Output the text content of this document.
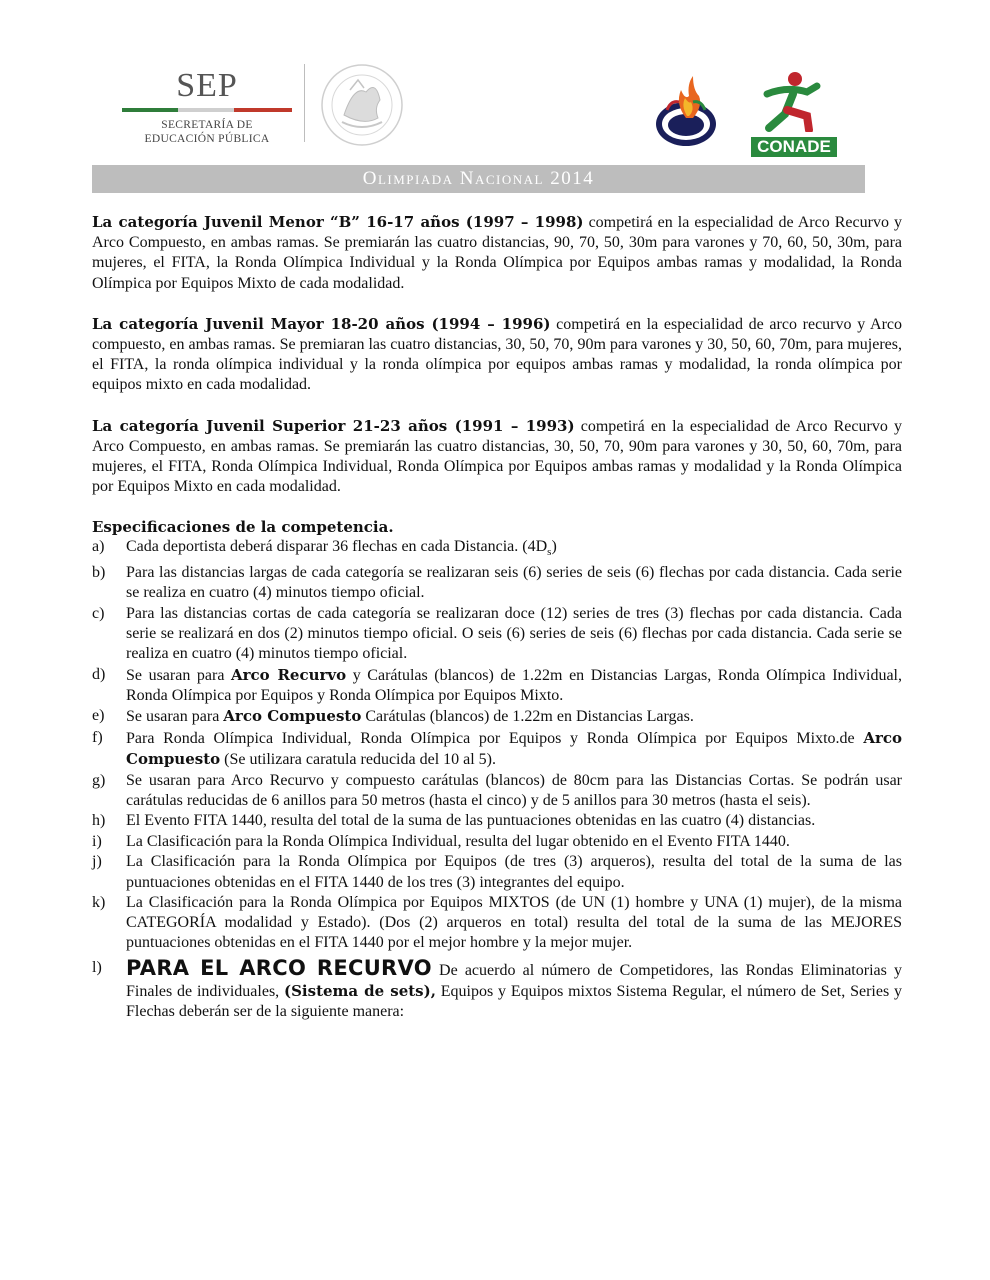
SEP
SECRETARÍA DE
EDUCACIÓN PÚBLICA	CONADE
Olimpiada Nacional 2014

La categoría Juvenil Menor “B” 16-17 años (1997 – 1998) competirá en la especialidad de Arco Recurvo y Arco Compuesto, en ambas ramas. Se premiarán las cuatro distancias, 90, 70, 50, 30m para varones y 70, 60, 50, 30m, para mujeres, el FITA, la Ronda Olímpica Individual y la Ronda Olímpica por Equipos ambas ramas y modalidad, la Ronda Olímpica por Equipos Mixto de cada modalidad.

La categoría Juvenil Mayor 18-20 años (1994 – 1996) competirá en la especialidad de arco recurvo y Arco compuesto, en ambas ramas. Se premiaran las cuatro distancias, 30, 50, 70, 90m para varones y 30, 50, 60, 70m, para mujeres, el FITA, la ronda olímpica individual y la ronda olímpica por equipos ambas ramas y modalidad, la ronda olímpica por equipos mixto en cada modalidad.

La categoría Juvenil Superior 21-23 años (1991 – 1993) competirá en la especialidad de Arco Recurvo y Arco Compuesto, en ambas ramas. Se premiarán las cuatro distancias, 30, 50, 70, 90m para varones y 30, 50, 60, 70m, para mujeres, el FITA, Ronda Olímpica Individual, Ronda Olímpica por Equipos ambas ramas y modalidad y la Ronda Olímpica por Equipos Mixto en cada modalidad.

Especificaciones de la competencia.

a) Cada deportista deberá disparar 36 flechas en cada Distancia. $(4D_s)$
b) Para las distancias largas de cada categoría se realizaran seis (6) series de seis (6) flechas por cada distancia. Cada serie se realiza en cuatro (4) minutos tiempo oficial.
c) Para las distancias cortas de cada categoría se realizaran doce (12) series de tres (3) flechas por cada distancia. Cada serie se realizará en dos (2) minutos tiempo oficial. O seis (6) series de seis (6) flechas por cada distancia. Cada serie se realiza en cuatro (4) minutos tiempo oficial.
d) Se usaran para Arco Recurvo y Carátulas (blancos) de 1.22m en Distancias Largas, Ronda Olímpica Individual, Ronda Olímpica por Equipos y Ronda Olímpica por Equipos Mixto.
e) Se usaran para Arco Compuesto Carátulas (blancos) de 1.22m en Distancias Largas.
f) Para Ronda Olímpica Individual, Ronda Olímpica por Equipos y Ronda Olímpica por Equipos Mixto.de Arco Compuesto (Se utilizara caratula reducida del 10 al 5).
g) Se usaran para Arco Recurvo y compuesto carátulas (blancos) de 80cm para las Distancias Cortas. Se podrán usar carátulas reducidas de 6 anillos para 50 metros (hasta el cinco) y de 5 anillos para 30 metros (hasta el seis).
h) El Evento FITA 1440, resulta del total de la suma de las puntuaciones obtenidas en las cuatro (4) distancias.
i) La Clasificación para la Ronda Olímpica Individual, resulta del lugar obtenido en el Evento FITA 1440.
j) La Clasificación para la Ronda Olímpica por Equipos (de tres (3) arqueros), resulta del total de la suma de las puntuaciones obtenidas en el FITA 1440 de los tres (3) integrantes del equipo.
k) La Clasificación para la Ronda Olímpica por Equipos MIXTOS (de UN (1) hombre y UNA (1) mujer), de la misma CATEGORÍA modalidad y Estado). (Dos (2) arqueros en total) resulta del total de la suma de las MEJORES puntuaciones obtenidas en el FITA 1440 por el mejor hombre y la mejor mujer.
l) PARA EL ARCO RECURVO De acuerdo al número de Competidores, las Rondas Eliminatorias y Finales de individuales, (Sistema de sets), Equipos y Equipos mixtos Sistema Regular, el número de Set, Series y Flechas deberán ser de la siguiente manera:
